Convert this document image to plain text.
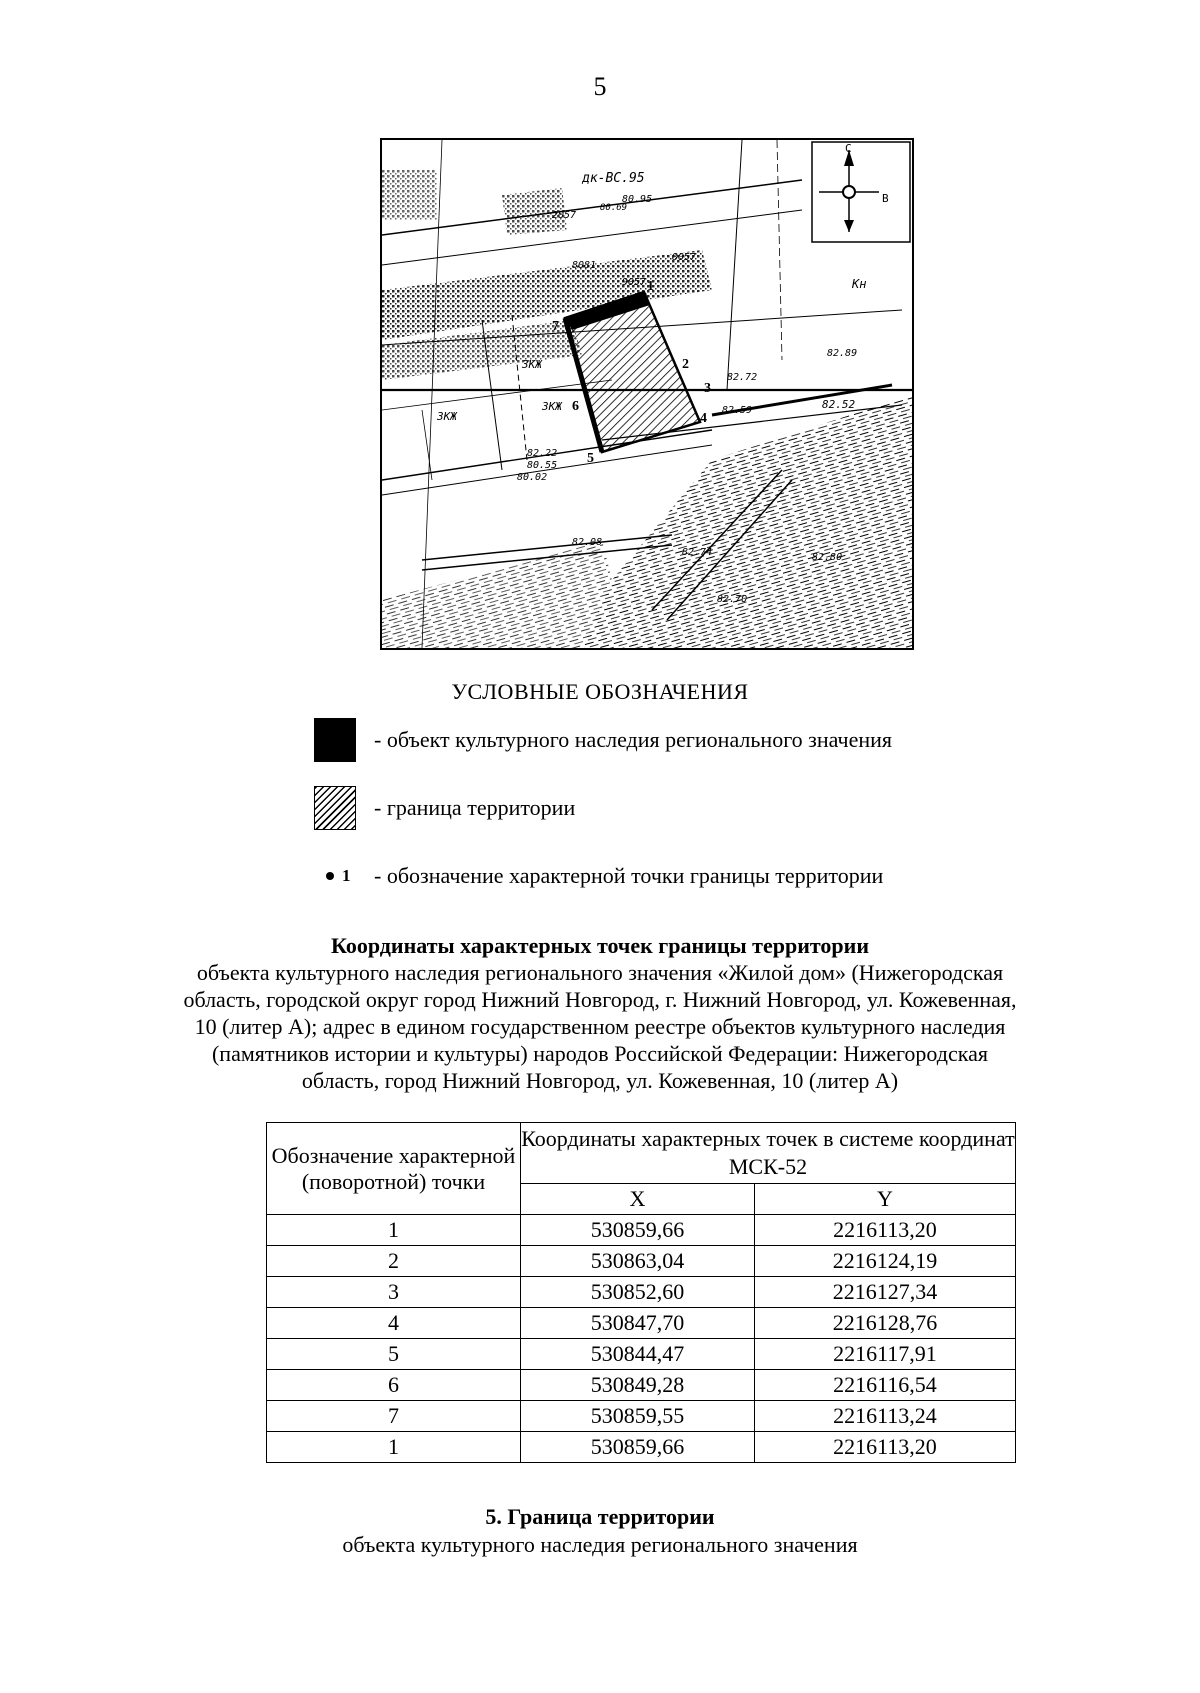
5
дк-ВС.95
80.95
2057
80.69
8057
9057
8081
3КЖ
3КЖ
3КЖ
82.22
80.55
80.02
82.52
82.59
82.72
82.89
82.08
82.74
82.70
82.80
Кн
С
В
1
2
3
4
5
6
7
УСЛОВНЫЕ ОБОЗНАЧЕНИЯ
- объект культурного наследия регионального значения
- граница территории
1 - обозначение характерной точки границы территории
Координаты характерных точек границы территории
объекта культурного наследия регионального значения «Жилой дом» (Нижегородская
область, городской округ город Нижний Новгород, г. Нижний Новгород, ул. Кожевенная,
10 (литер А); адрес в едином государственном реестре объектов культурного наследия
(памятников истории и культуры) народов Российской Федерации: Нижегородская
область, город Нижний Новгород, ул. Кожевенная, 10 (литер А)
Обозначение характерной (поворотной) точки	Координаты характерных точек в системе координат МСК-52	
	X	Y
1	530859,66	2216113,20
2	530863,04	2216124,19
3	530852,60	2216127,34
4	530847,70	2216128,76
5	530844,47	2216117,91
6	530849,28	2216116,54
7	530859,55	2216113,24
1	530859,66	2216113,20
5. Граница территории
объекта культурного наследия регионального значения
